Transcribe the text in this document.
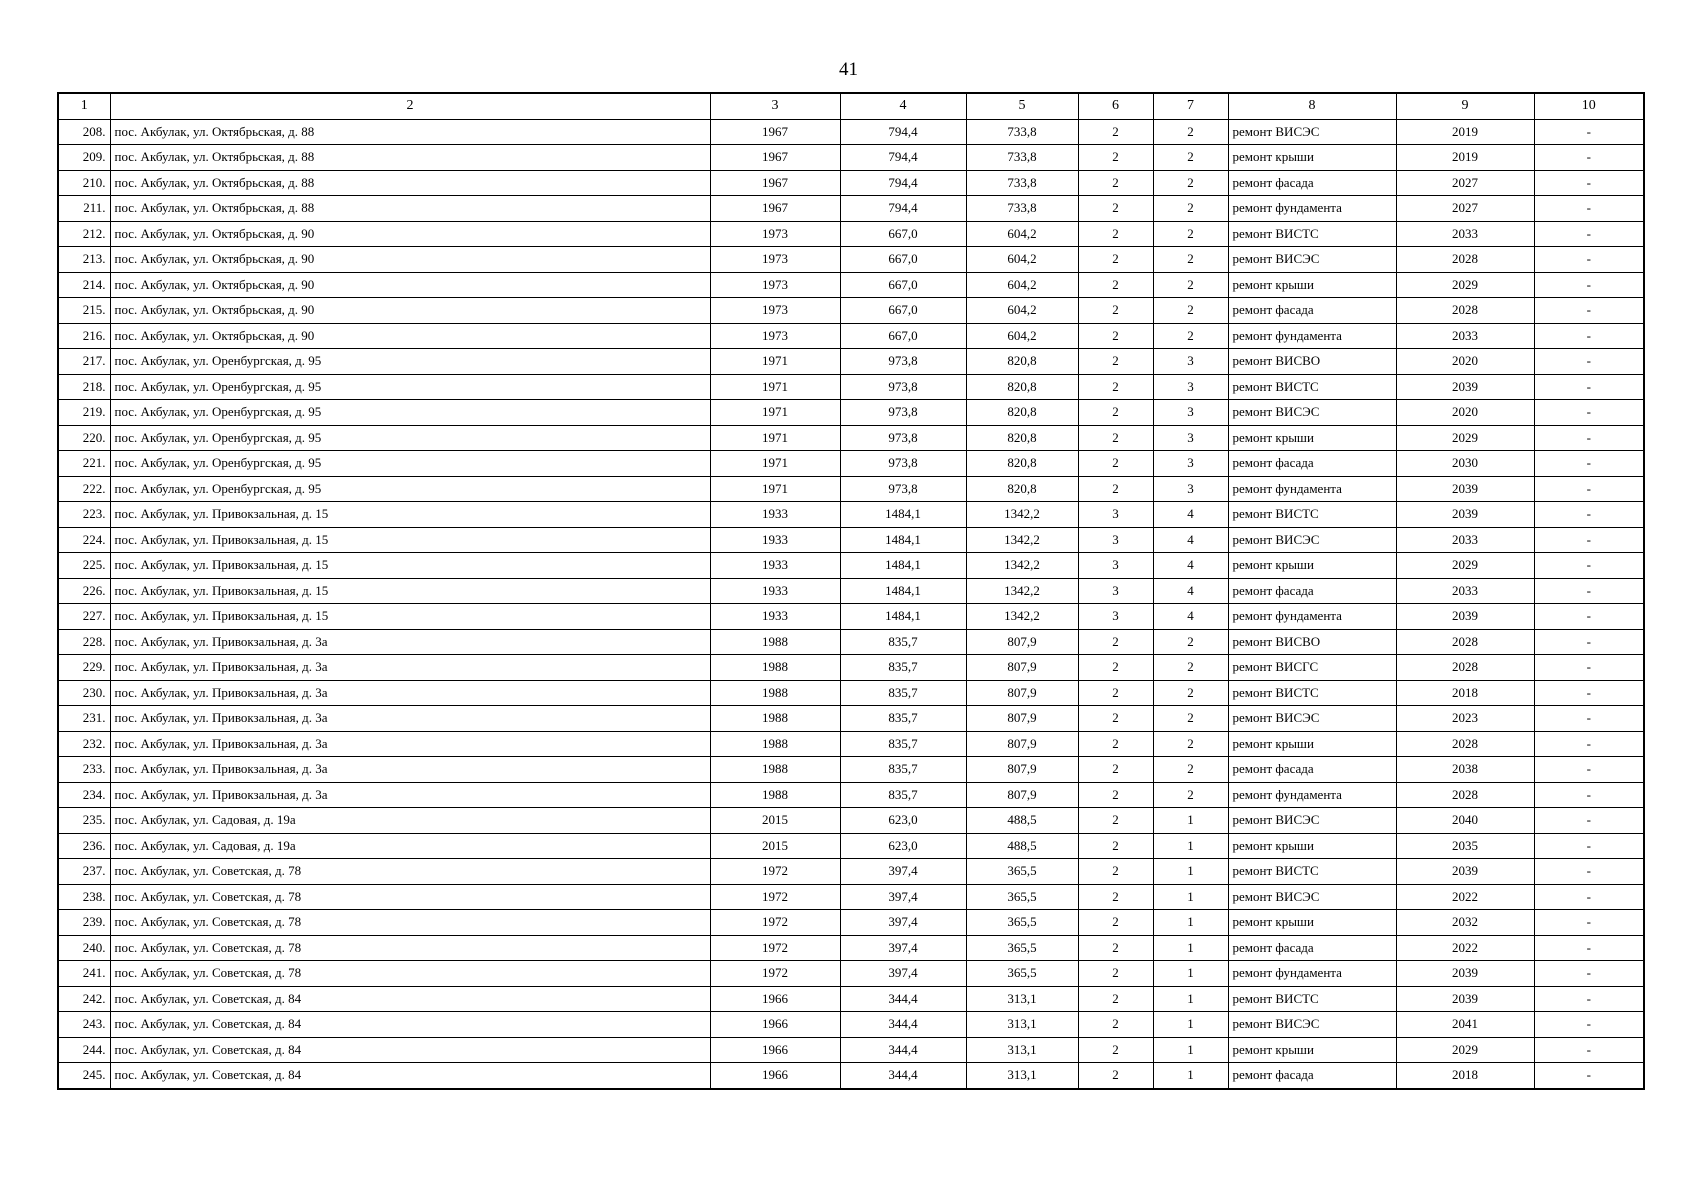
41
1	2	3	4	5	6	7	8	9	10
208.	пос. Акбулак, ул. Октябрьская, д. 88	1967	794,4	733,8	2	2	ремонт ВИСЭС	2019	-
209.	пос. Акбулак, ул. Октябрьская, д. 88	1967	794,4	733,8	2	2	ремонт крыши	2019	-
210.	пос. Акбулак, ул. Октябрьская, д. 88	1967	794,4	733,8	2	2	ремонт фасада	2027	-
211.	пос. Акбулак, ул. Октябрьская, д. 88	1967	794,4	733,8	2	2	ремонт фундамента	2027	-
212.	пос. Акбулак, ул. Октябрьская, д. 90	1973	667,0	604,2	2	2	ремонт ВИСТС	2033	-
213.	пос. Акбулак, ул. Октябрьская, д. 90	1973	667,0	604,2	2	2	ремонт ВИСЭС	2028	-
214.	пос. Акбулак, ул. Октябрьская, д. 90	1973	667,0	604,2	2	2	ремонт крыши	2029	-
215.	пос. Акбулак, ул. Октябрьская, д. 90	1973	667,0	604,2	2	2	ремонт фасада	2028	-
216.	пос. Акбулак, ул. Октябрьская, д. 90	1973	667,0	604,2	2	2	ремонт фундамента	2033	-
217.	пос. Акбулак, ул. Оренбургская, д. 95	1971	973,8	820,8	2	3	ремонт ВИСВО	2020	-
218.	пос. Акбулак, ул. Оренбургская, д. 95	1971	973,8	820,8	2	3	ремонт ВИСТС	2039	-
219.	пос. Акбулак, ул. Оренбургская, д. 95	1971	973,8	820,8	2	3	ремонт ВИСЭС	2020	-
220.	пос. Акбулак, ул. Оренбургская, д. 95	1971	973,8	820,8	2	3	ремонт крыши	2029	-
221.	пос. Акбулак, ул. Оренбургская, д. 95	1971	973,8	820,8	2	3	ремонт фасада	2030	-
222.	пос. Акбулак, ул. Оренбургская, д. 95	1971	973,8	820,8	2	3	ремонт фундамента	2039	-
223.	пос. Акбулак, ул. Привокзальная, д. 15	1933	1484,1	1342,2	3	4	ремонт ВИСТС	2039	-
224.	пос. Акбулак, ул. Привокзальная, д. 15	1933	1484,1	1342,2	3	4	ремонт ВИСЭС	2033	-
225.	пос. Акбулак, ул. Привокзальная, д. 15	1933	1484,1	1342,2	3	4	ремонт крыши	2029	-
226.	пос. Акбулак, ул. Привокзальная, д. 15	1933	1484,1	1342,2	3	4	ремонт фасада	2033	-
227.	пос. Акбулак, ул. Привокзальная, д. 15	1933	1484,1	1342,2	3	4	ремонт фундамента	2039	-
228.	пос. Акбулак, ул. Привокзальная, д. 3а	1988	835,7	807,9	2	2	ремонт ВИСВО	2028	-
229.	пос. Акбулак, ул. Привокзальная, д. 3а	1988	835,7	807,9	2	2	ремонт ВИСГС	2028	-
230.	пос. Акбулак, ул. Привокзальная, д. 3а	1988	835,7	807,9	2	2	ремонт ВИСТС	2018	-
231.	пос. Акбулак, ул. Привокзальная, д. 3а	1988	835,7	807,9	2	2	ремонт ВИСЭС	2023	-
232.	пос. Акбулак, ул. Привокзальная, д. 3а	1988	835,7	807,9	2	2	ремонт крыши	2028	-
233.	пос. Акбулак, ул. Привокзальная, д. 3а	1988	835,7	807,9	2	2	ремонт фасада	2038	-
234.	пос. Акбулак, ул. Привокзальная, д. 3а	1988	835,7	807,9	2	2	ремонт фундамента	2028	-
235.	пос. Акбулак, ул. Садовая, д. 19а	2015	623,0	488,5	2	1	ремонт ВИСЭС	2040	-
236.	пос. Акбулак, ул. Садовая, д. 19а	2015	623,0	488,5	2	1	ремонт крыши	2035	-
237.	пос. Акбулак, ул. Советская, д. 78	1972	397,4	365,5	2	1	ремонт ВИСТС	2039	-
238.	пос. Акбулак, ул. Советская, д. 78	1972	397,4	365,5	2	1	ремонт ВИСЭС	2022	-
239.	пос. Акбулак, ул. Советская, д. 78	1972	397,4	365,5	2	1	ремонт крыши	2032	-
240.	пос. Акбулак, ул. Советская, д. 78	1972	397,4	365,5	2	1	ремонт фасада	2022	-
241.	пос. Акбулак, ул. Советская, д. 78	1972	397,4	365,5	2	1	ремонт фундамента	2039	-
242.	пос. Акбулак, ул. Советская, д. 84	1966	344,4	313,1	2	1	ремонт ВИСТС	2039	-
243.	пос. Акбулак, ул. Советская, д. 84	1966	344,4	313,1	2	1	ремонт ВИСЭС	2041	-
244.	пос. Акбулак, ул. Советская, д. 84	1966	344,4	313,1	2	1	ремонт крыши	2029	-
245.	пос. Акбулак, ул. Советская, д. 84	1966	344,4	313,1	2	1	ремонт фасада	2018	-
